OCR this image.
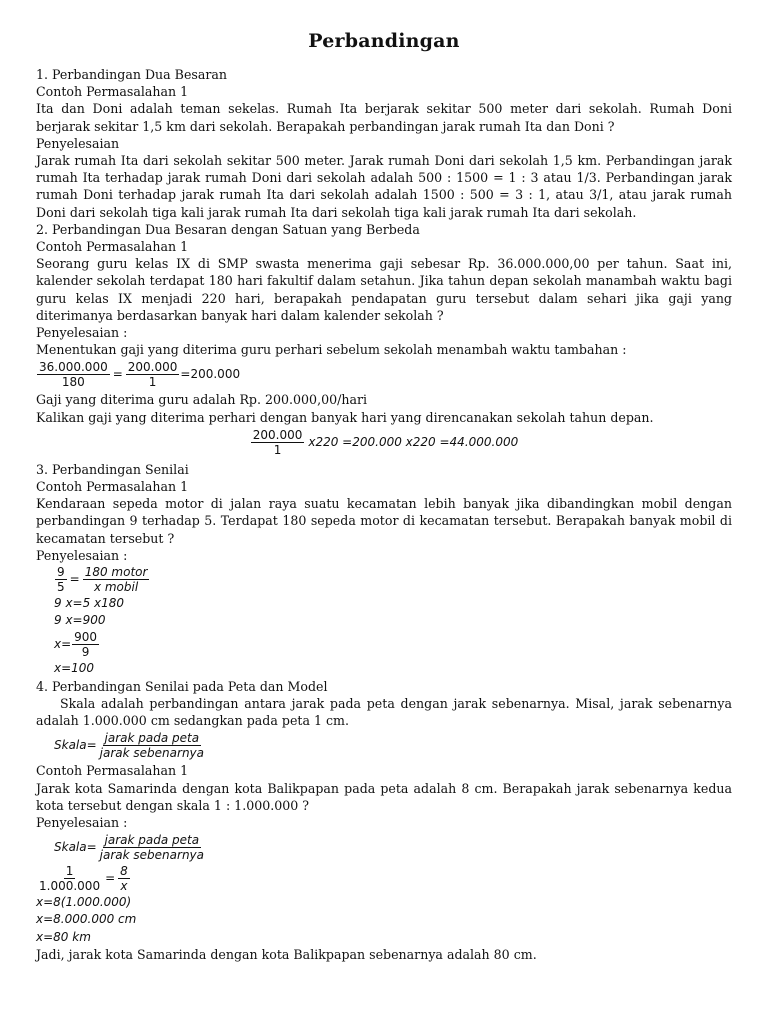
Perbandingan

1. Perbandingan Dua Besaran

Contoh Permasalahan 1

Ita dan Doni adalah teman sekelas. Rumah Ita berjarak sekitar 500 meter dari sekolah. Rumah Doni berjarak sekitar 1,5 km dari sekolah. Berapakah perbandingan jarak rumah Ita dan Doni ?

Penyelesaian

Jarak rumah Ita dari sekolah sekitar 500 meter. Jarak rumah Doni dari sekolah 1,5 km. Perbandingan jarak rumah Ita terhadap jarak rumah Doni dari sekolah adalah 500 : 1500 = 1 : 3 atau 1/3. Perbandingan jarak rumah Doni terhadap jarak rumah Ita dari sekolah adalah 1500 : 500 = 3 : 1, atau 3/1, atau jarak rumah Doni dari sekolah tiga kali jarak rumah Ita dari sekolah tiga kali jarak rumah Ita dari sekolah.

2. Perbandingan Dua Besaran dengan Satuan yang Berbeda

Contoh Permasalahan 1

Seorang guru kelas IX di SMP swasta menerima gaji sebesar Rp. 36.000.000,00 per tahun. Saat ini, kalender sekolah terdapat 180 hari fakultif dalam setahun. Jika tahun depan sekolah manambah waktu bagi guru kelas IX menjadi 220 hari, berapakah pendapatan guru tersebut dalam sehari jika gaji yang diterimanya berdasarkan banyak hari dalam kalender sekolah ?

Penyelesaian :

Menentukan gaji yang diterima guru perhari sebelum sekolah menambah waktu tambahan :

$\frac{36.000.000}{180} = \frac{200.000}{1} =200.000$

Gaji yang diterima guru adalah Rp. 200.000,00/hari

Kalikan gaji yang diterima perhari dengan banyak hari yang direncanakan sekolah tahun depan.

$\frac{200.000}{1} x220 =200.000$ x220 =44.000.000

3. Perbandingan Senilai

Contoh Permasalahan 1

Kendaraan sepeda motor di jalan raya suatu kecamatan lebih banyak jika dibandingkan mobil dengan perbandingan 9 terhadap 5. Terdapat 180 sepeda motor di kecamatan tersebut. Berapakah banyak mobil di kecamatan tersebut ?

Penyelesaian :

$\frac{9}{5} = \frac{\text{180 motor}}{\text{x mobil}}$

9 x=5 x180

9 x=900

$x= \frac{900}{9}$

x=100

4. Perbandingan Senilai pada Peta dan Model

Skala adalah perbandingan antara jarak pada peta dengan jarak sebenarnya. Misal, jarak sebenarnya adalah 1.000.000 cm sedangkan pada peta 1 cm.

Skala= $\frac{\text{jarak pada peta}}{\text{jarak sebenarnya}}$

Contoh Permasalahan 1

Jarak kota Samarinda dengan kota Balikpapan pada peta adalah 8 cm. Berapakah jarak sebenarnya kedua kota tersebut dengan skala 1 : 1.000.000 ?

Penyelesaian :

Skala= $\frac{\text{jarak pada peta}}{\text{jarak sebenarnya}}$
$\frac{1}{1.000.000} = \frac{8}{x}$

x=8(1.000.000)

x=8.000.000 cm

x=80 km

Jadi, jarak kota Samarinda dengan kota Balikpapan sebenarnya adalah 80 cm.
